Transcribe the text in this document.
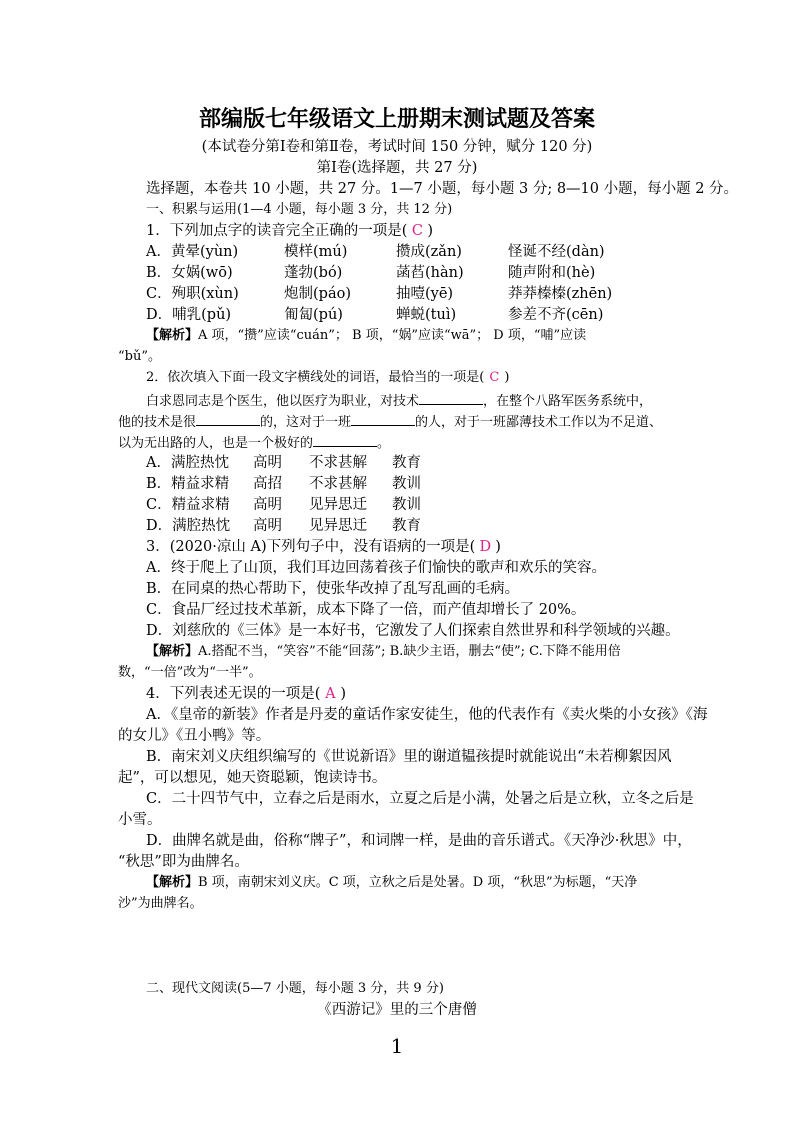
部编版七年级语文上册期末测试题及答案
(本试卷分第Ⅰ卷和第Ⅱ卷，考试时间 150 分钟，赋分 120 分)
第Ⅰ卷(选择题，共 27 分)
选择题，本卷共 10 小题，共 27 分。1—7 小题，每小题 3 分; 8—10 小题，每小题 2 分。
一、积累与运用(1—4 小题，每小题 3 分，共 12 分)
1．下列加点字的读音完全正确的一项是( C )
A．黄晕(yùn)	模样(mú)	攒成(zǎn)	怪诞不经(dàn)
B．女娲(wō)	蓬勃(bó)	菡萏(hàn)	随声附和(hè)
C．殉职(xùn)	炮制(páo)	抽噎(yē)	莽莽榛榛(zhēn)
D．哺乳(pǔ)	匍匐(pú)	蝉蜕(tuì)	参差不齐(cēn)
【解析】A 项，“攒”应读“cuán”； B 项，“娲”应读“wā”； D 项，“哺”应读
“bǔ”。
2．依次填入下面一段文字横线处的词语，最恰当的一项是( C )
白求恩同志是个医生，他以医疗为职业，对技术	，在整个八路军医务系统中，
他的技术是很	的，这对于一班	的人，对于一班鄙薄技术工作以为不足道、
以为无出路的人，也是一个极好的	。
A．满腔热忱 高明 不求甚解 教育
B．精益求精 高招 不求甚解 教训
C．精益求精 高明 见异思迁 教训
D．满腔热忱 高明 见异思迁 教育
3．(2020·凉山 A)下列句子中，没有语病的一项是( D )
A．终于爬上了山顶，我们耳边回荡着孩子们愉快的歌声和欢乐的笑容。
B．在同桌的热心帮助下，使张华改掉了乱写乱画的毛病。
C．食品厂经过技术革新，成本下降了一倍，而产值却增长了 20%。
D．刘慈欣的《三体》是一本好书，它激发了人们探索自然世界和科学领域的兴趣。
【解析】A.搭配不当，“笑容”不能“回荡”; B.缺少主语，删去“使”; C.下降不能用倍
数，“一倍”改为“一半”。
4．下列表述无误的一项是( A )
A．《皇帝的新装》作者是丹麦的童话作家安徒生，他的代表作有《卖火柴的小女孩》《海
的女儿》《丑小鸭》等。
B．南宋刘义庆组织编写的《世说新语》里的谢道韫孩提时就能说出“未若柳絮因风
起”，可以想见，她天资聪颖，饱读诗书。
C．二十四节气中，立春之后是雨水，立夏之后是小满，处暑之后是立秋，立冬之后是
小雪。
D．曲牌名就是曲，俗称“牌子”，和词牌一样，是曲的音乐谱式。《天净沙·秋思》中，
“秋思”即为曲牌名。
【解析】B 项，南朝宋刘义庆。C 项，立秋之后是处暑。D 项，“秋思”为标题，“天净
沙”为曲牌名。
二、现代文阅读(5—7 小题，每小题 3 分，共 9 分)
《西游记》里的三个唐僧
1
